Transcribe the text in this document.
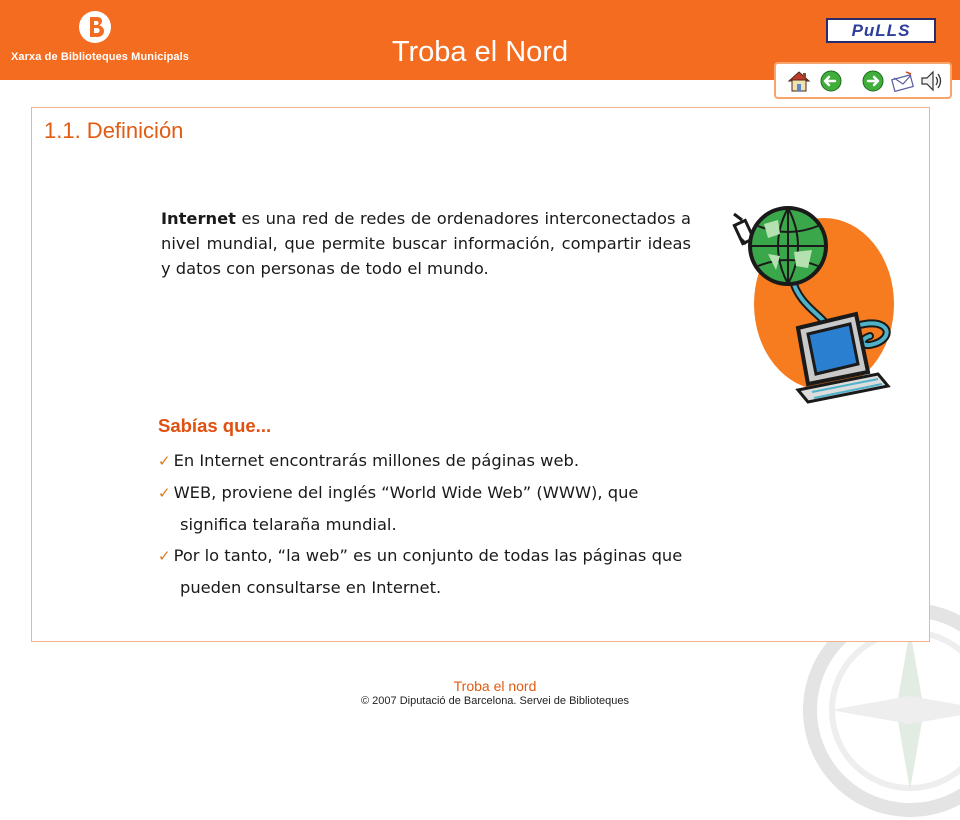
Xarxa de Biblioteques Municipals	Troba el Nord
PuLLS
1.1. Definición
Internet es una red de redes de ordenadores interconectados a nivel mundial, que permite buscar información, compartir ideas y datos con personas de todo el mundo.
Sabías que...
✓ En Internet encontrarás millones de páginas web.
✓ WEB, proviene del inglés “World Wide Web” (WWW), que
significa telaraña mundial.
✓ Por lo tanto, “la web” es un conjunto de todas las páginas que
pueden consultarse en Internet.
Troba el nord
© 2007 Diputació de Barcelona. Servei de Biblioteques
